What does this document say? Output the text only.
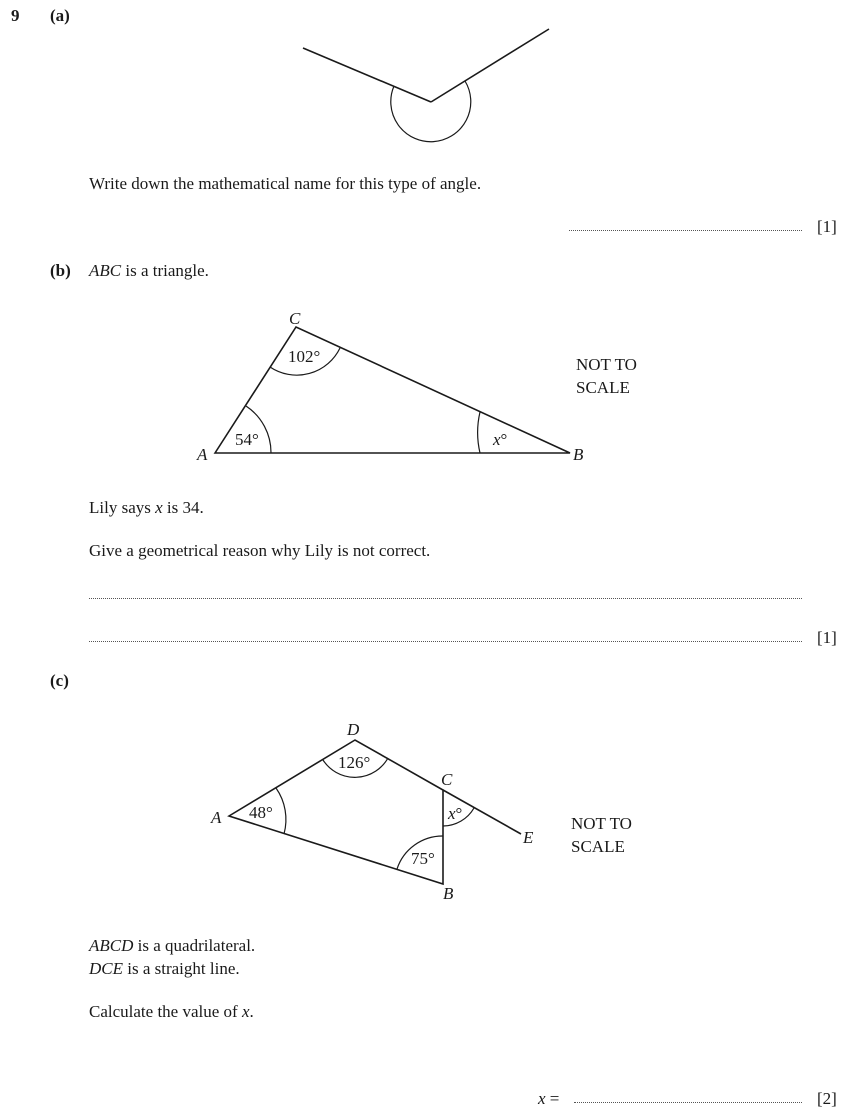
9 (a)
A
C
B
54°
102°
x°
D
C
A
E
B
48°
126°
75°
x°
Write down the mathematical name for this type of angle.
[1]
(b) ABC is a triangle.
NOT TO
SCALE
Lily says x is 34.
Give a geometrical reason why Lily is not correct.
[1]
(c)
NOT TO
SCALE
ABCD is a quadrilateral.
DCE is a straight line.
Calculate the value of x.
x =	[2]
